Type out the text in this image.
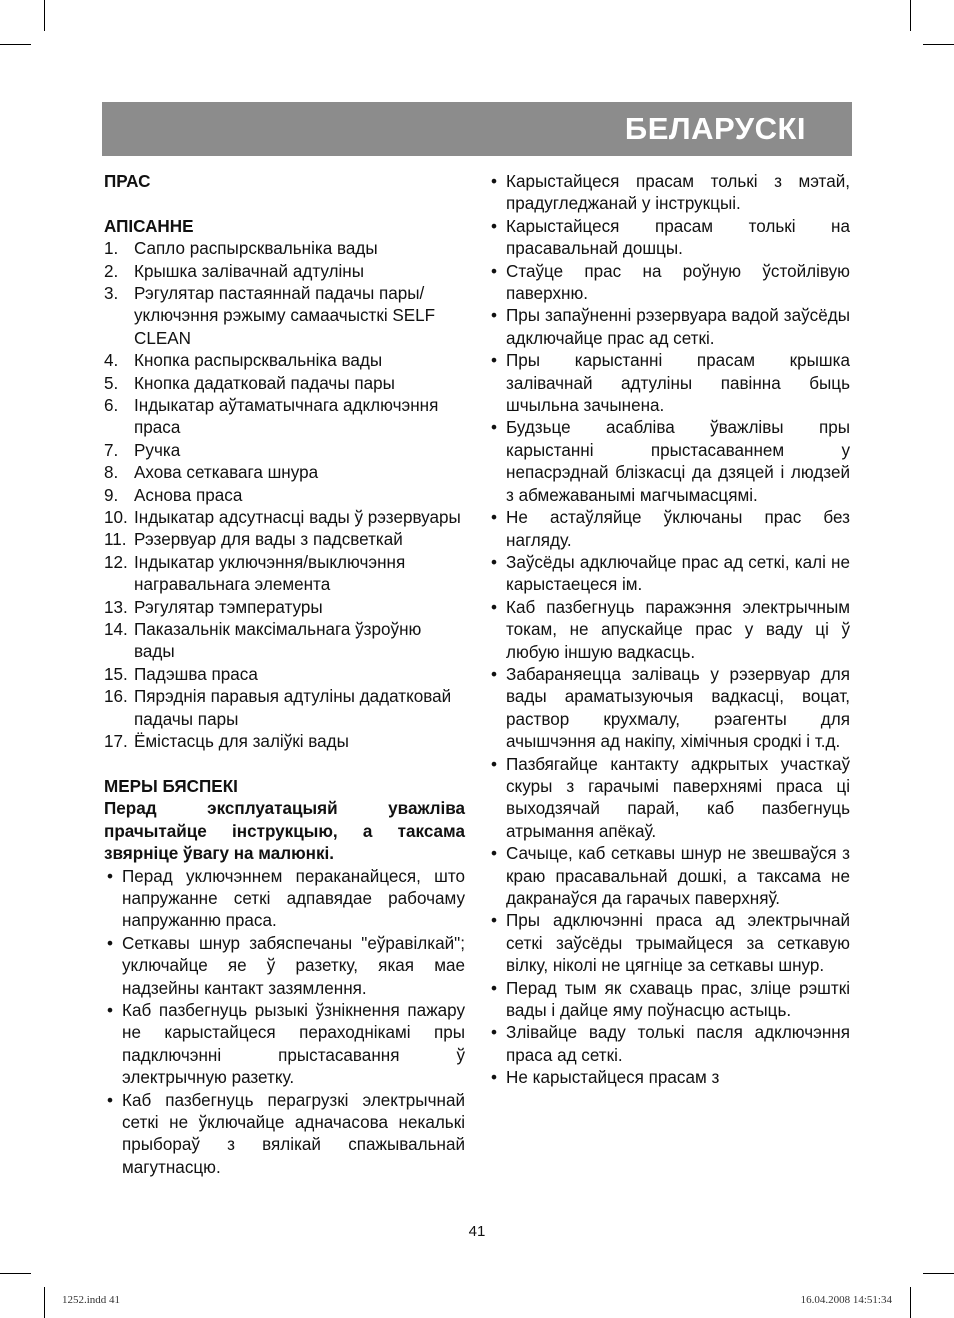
БЕЛАРУСКІ

ПРАС

АПІСАННЕ

1. Сапло распырсквальніка вады
2. Крышка залівачнай адтуліны
3. Рэгулятар пастаяннай падачы пары/ уключэння рэжыму самаачысткі SELF CLEAN
4. Кнопка распырсквальніка вады
5. Кнопка дадатковай падачы пары
6. Індыкатар аўтаматычнага адключэння праса
7. Ручка
8. Ахова сеткавага шнура
9. Аснова праса
10. Індыкатар адсутнасці вады ў рэзервуары
11. Рэзервуар для вады з падсветкай
12. Індыкатар уключэння/выключэння награвальнага элемента
13. Рэгулятар тэмпературы
14. Паказальнік максімальнага ўзроўню вады
15. Падэшва праса
16. Пярэднія паравыя адтуліны дадатковай падачы пары
17. Ёмістасць для заліўкі вады

МЕРЫ БЯСПЕКІ

Перад эксплуатацыяй уважліва прачытайце інструкцыю, а таксама звярніце ўвагу на малюнкі.

• Перад уключэннем пераканайцеся, што напружанне сеткі адпавядае рабочаму напружанню праса.
• Сеткавы шнур забяспечаны "еўравілкай"; уключайце яе ў разетку, якая мае надзейны кантакт зазямлення.
• Каб пазбегнуць рызыкі ўзнікнення пажару не карыстайцеся пераходнікамі пры падключэнні прыстасавання ў электрычную разетку.
• Каб пазбегнуць перагрузкі электрычнай сеткі не ўключайце адначасова некалькі прыбораў з вялікай спажывальнай магутнасцю.
• Карыстайцеся прасам толькі з мэтай, прадугледжанай у інструкцыі.
• Карыстайцеся прасам толькі на прасавальнай дошцы.
• Стаўце прас на роўную ўстойлівую паверхню.
• Пры запаўненні рэзервуара вадой заўсёды адключайце прас ад сеткі.
• Пры карыстанні прасам крышка залівачнай адтуліны павінна быць шчыльна зачынена.
• Будзьце асабліва ўважлівы пры карыстанні прыстасаваннем у непасрэднай блізкасці да дзяцей і людзей з абмежаванымі магчымасцямі.
• Не астаўляйце ўключаны прас без нагляду.
• Заўсёды адключайце прас ад сеткі, калі не карыстаецеся ім.
• Каб пазбегнуць паражэння электрычным токам, не апускайце прас у ваду ці ў любую іншую вадкасць.
• Забараняецца заліваць у рэзервуар для вады араматызуючыя вадкасці, воцат, раствор крухмалу, рэагенты для ачышчэння ад накіпу, хімічныя сродкі і т.д.
• Пазбягайце кантакту адкрытых участкаў скуры з гарачымі паверхнямі праса ці выходзячай парай, каб пазбегнуць атрымання апёкаў.
• Сачыце, каб сеткавы шнур не звешваўся з краю прасавальнай дошкі, а таксама не дакранаўся да гарачых паверхняў.
• Пры адключэнні праса ад электрычнай сеткі заўсёды трымайцеся за сеткавую вілку, ніколі не цягніце за сеткавы шнур.
• Перад тым як схаваць прас, зліце рэшткі вады і дайце яму поўнасцю астыць.
• Злівайце ваду толькі пасля адключэння праса ад сеткі.
• Не карыстайцеся прасам з
41
1252.indd 41	16.04.2008 14:51:34
